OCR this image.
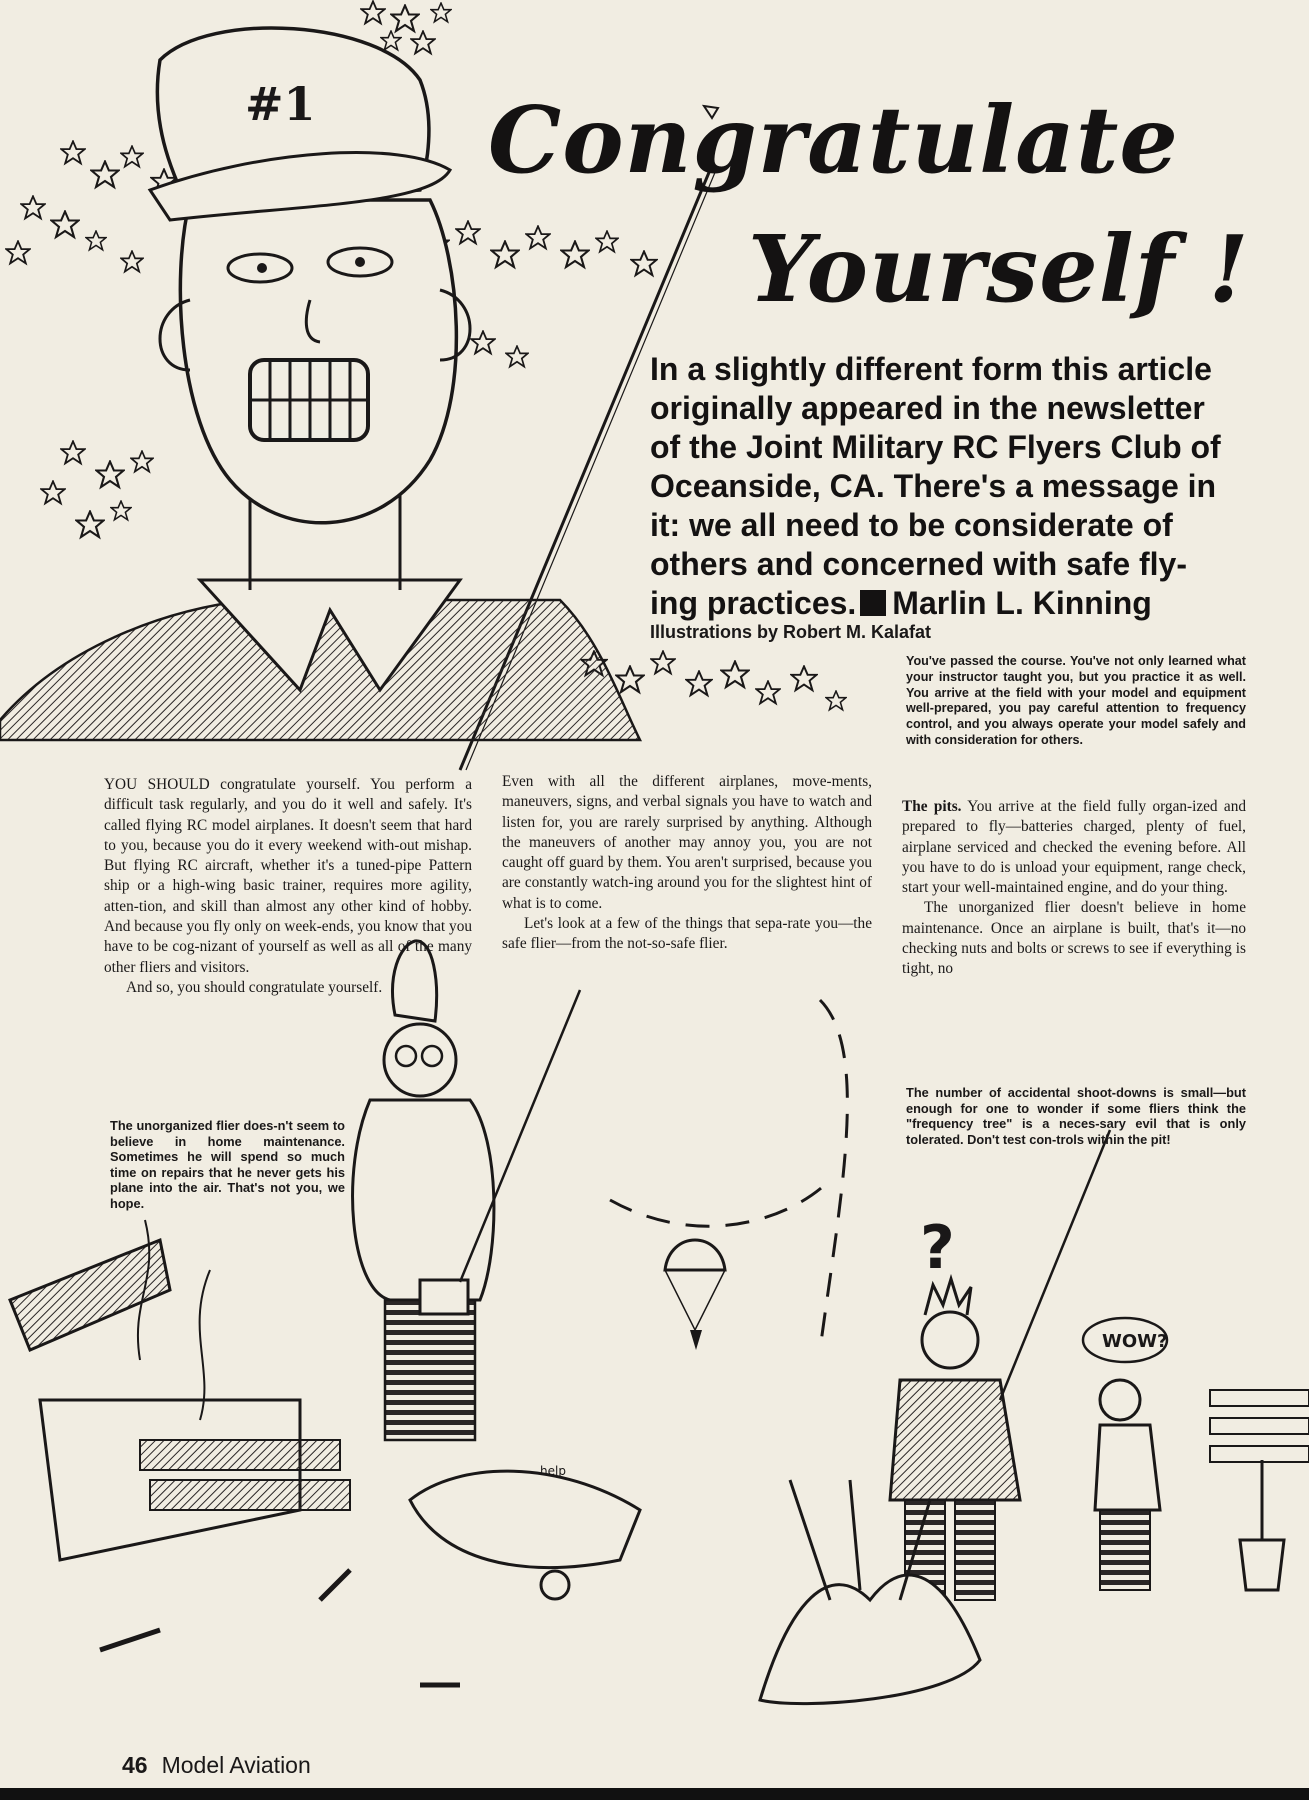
#1
help
?
WOW?
Congratulate
Yourself !
In a slightly different form this article originally appeared in the newsletter of the Joint Military RC Flyers Club of Oceanside, CA. There's a message in it: we all need to be considerate of others and concerned with safe fly-ing practices. Marlin L. Kinning
Illustrations by Robert M. Kalafat
You've passed the course. You've not only learned what your instructor taught you, but you practice it as well. You arrive at the field with your model and equipment well-prepared, you pay careful attention to frequency control, and you always operate your model safely and with consideration for others.

YOU SHOULD congratulate yourself. You perform a difficult task regularly, and you do it well and safely. It's called flying RC model airplanes. It doesn't seem that hard to you, because you do it every weekend with-out mishap. But flying RC aircraft, whether it's a tuned-pipe Pattern ship or a high-wing basic trainer, requires more agility, atten-tion, and skill than almost any other kind of hobby. And because you fly only on week-ends, you know that you have to be cog-nizant of yourself as well as all of the many other fliers and visitors.

And so, you should congratulate yourself.

Even with all the different airplanes, move-ments, maneuvers, signs, and verbal signals you have to watch and listen for, you are rarely surprised by anything. Although the maneuvers of another may annoy you, you are not caught off guard by them. You aren't surprised, because you are constantly watch-ing around you for the slightest hint of what is to come.

Let's look at a few of the things that sepa-rate you—the safe flier—from the not-so-safe flier.

The pits. You arrive at the field fully organ-ized and prepared to fly—batteries charged, plenty of fuel, airplane serviced and checked the evening before. All you have to do is unload your equipment, range check, start your well-maintained engine, and do your thing.

The unorganized flier doesn't believe in home maintenance. Once an airplane is built, that's it—no checking nuts and bolts or screws to see if everything is tight, no

The unorganized flier does-n't seem to believe in home maintenance. Sometimes he will spend so much time on repairs that he never gets his plane into the air. That's not you, we hope.
The number of accidental shoot-downs is small—but enough for one to wonder if some fliers think the "frequency tree" is a neces-sary evil that is only tolerated. Don't test con-trols within the pit!
46 Model Aviation
